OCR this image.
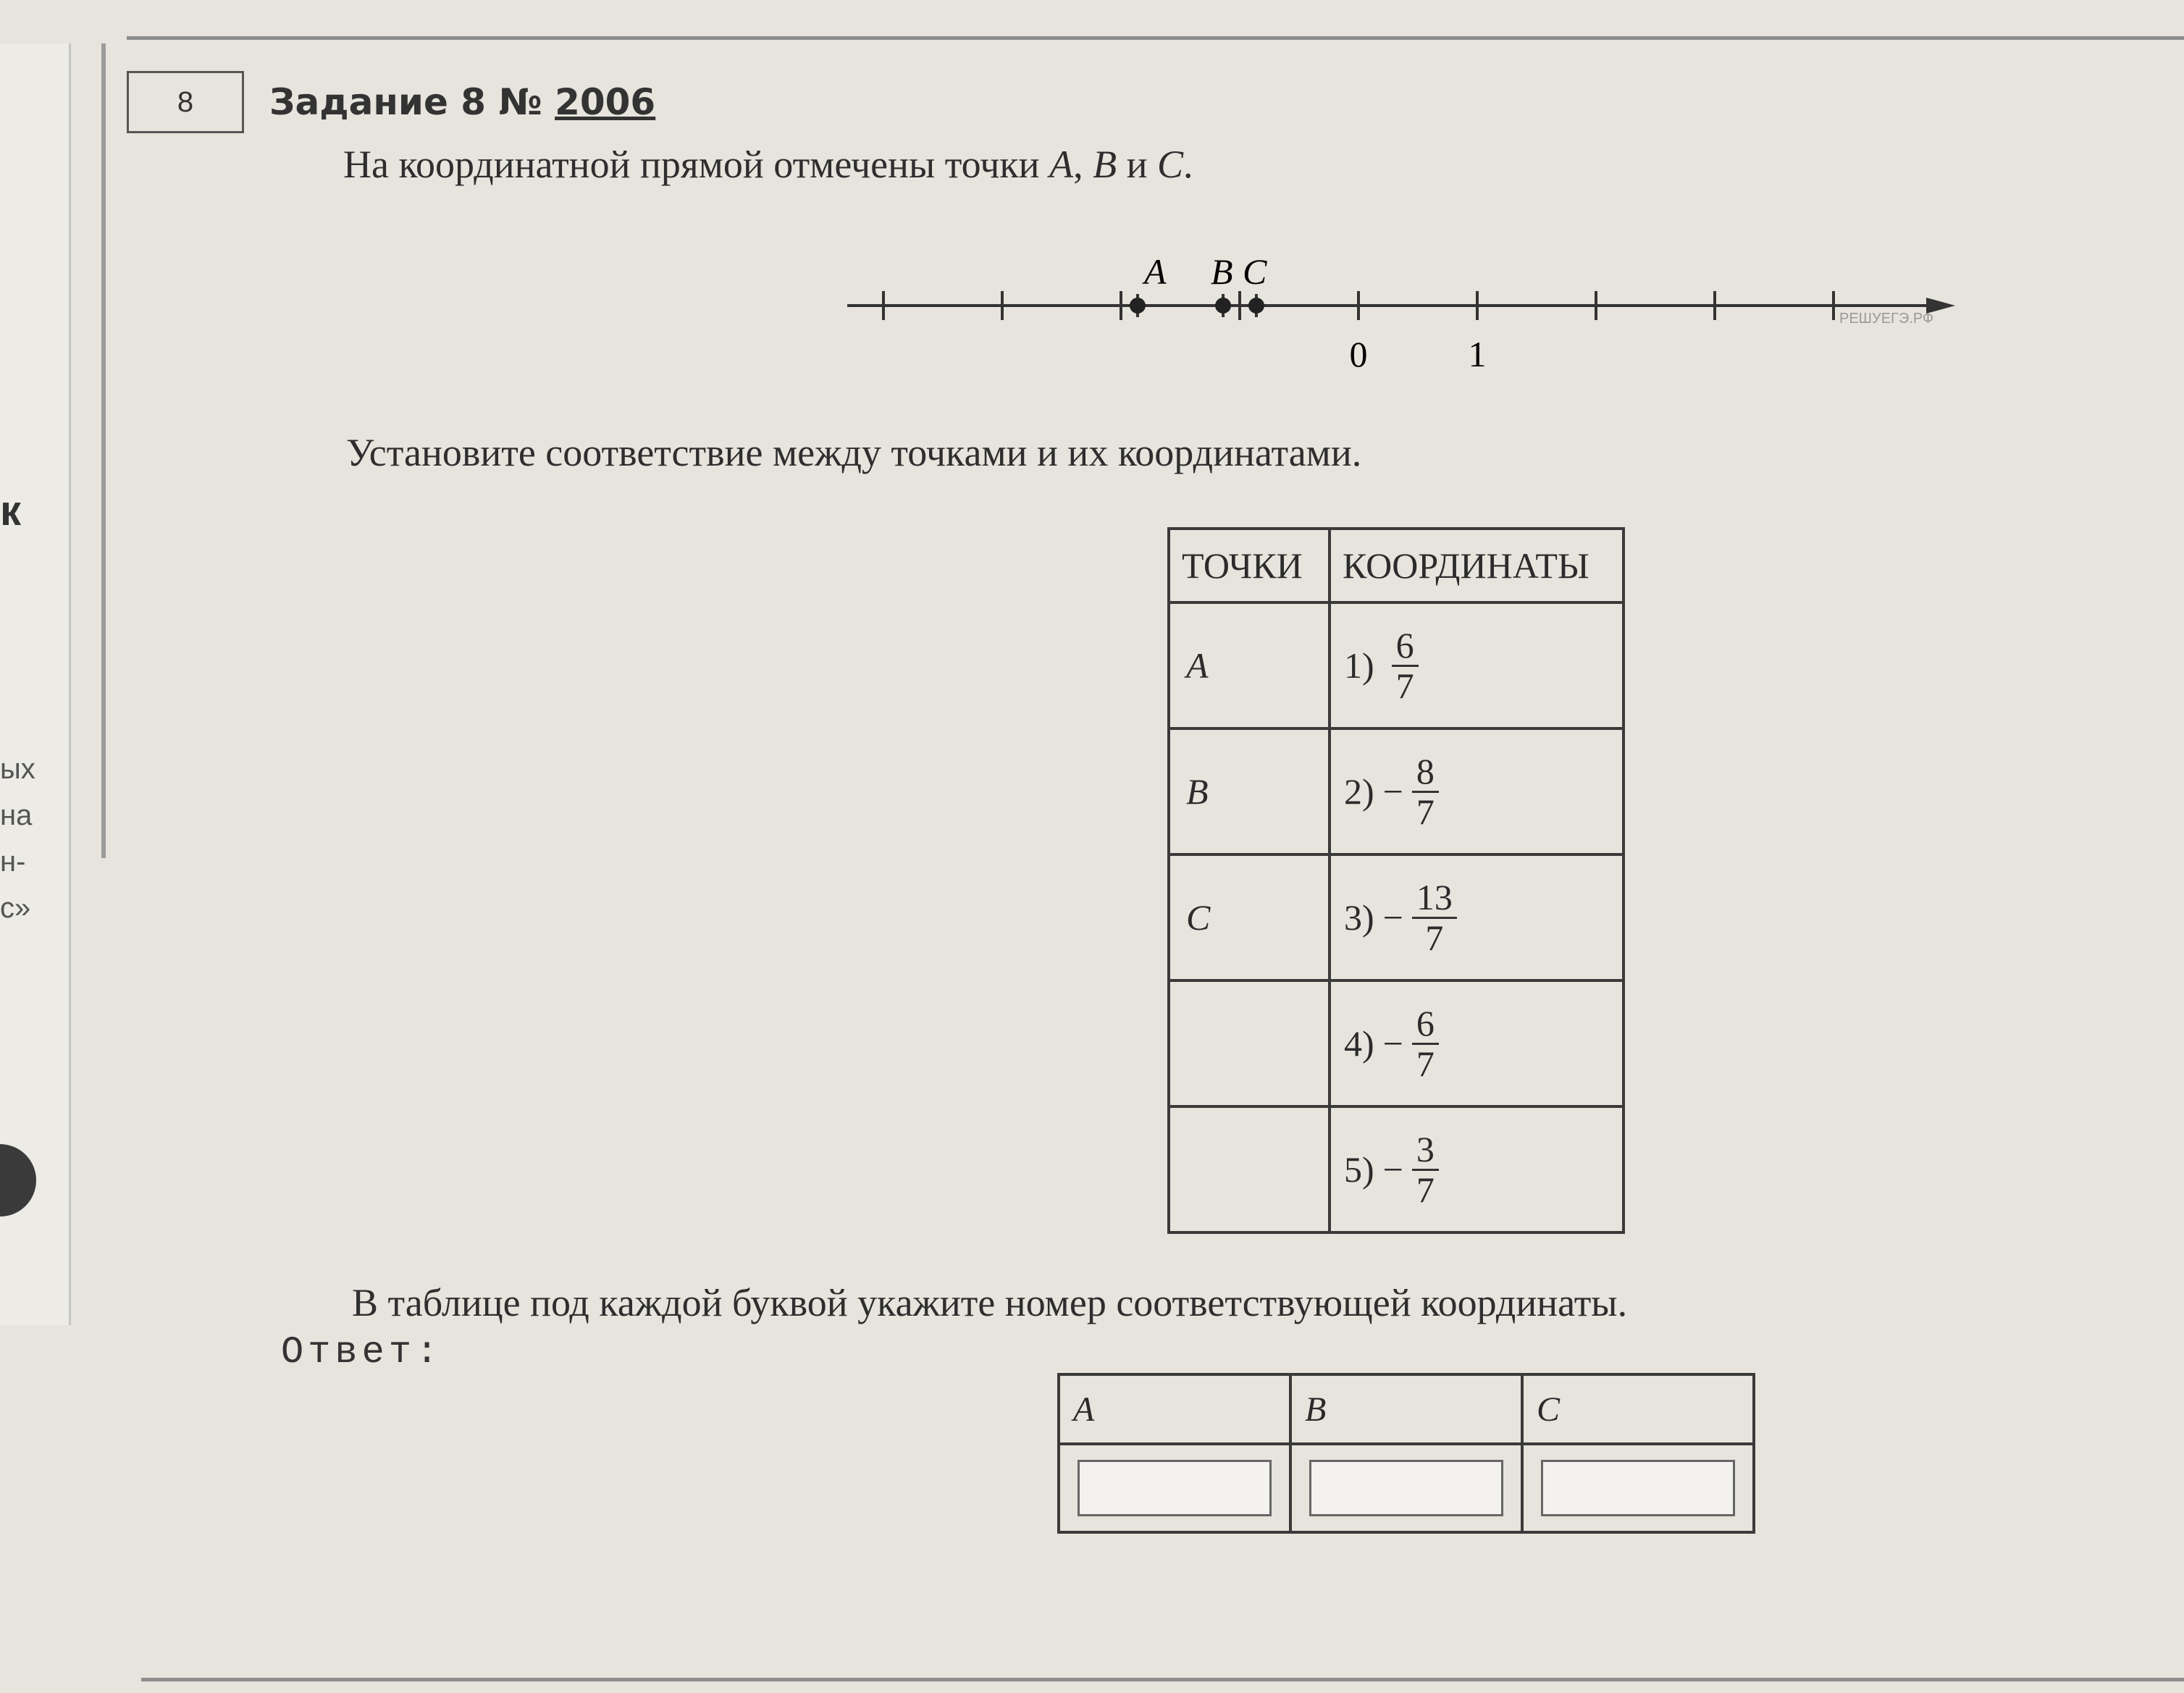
к
ых
на
н-
с»
8	Задание 8 № 2006
На координатной прямой отмечены точки A, B и C.
A B C
0	1
РЕШУЕГЭ.РФ
Установите соответствие между точками и их координатами.
ТОЧКИ	КООРДИНАТЫ
A	$1) \frac{6}{7}$

B	$2) - \frac{8}{7}$

C	$3) - \frac{13}{7}$

	$4) - \frac{6}{7}$

	$5) - \frac{3}{7}$
В таблице под каждой буквой укажите номер соответствующей координаты.
Ответ:
A	B	C
